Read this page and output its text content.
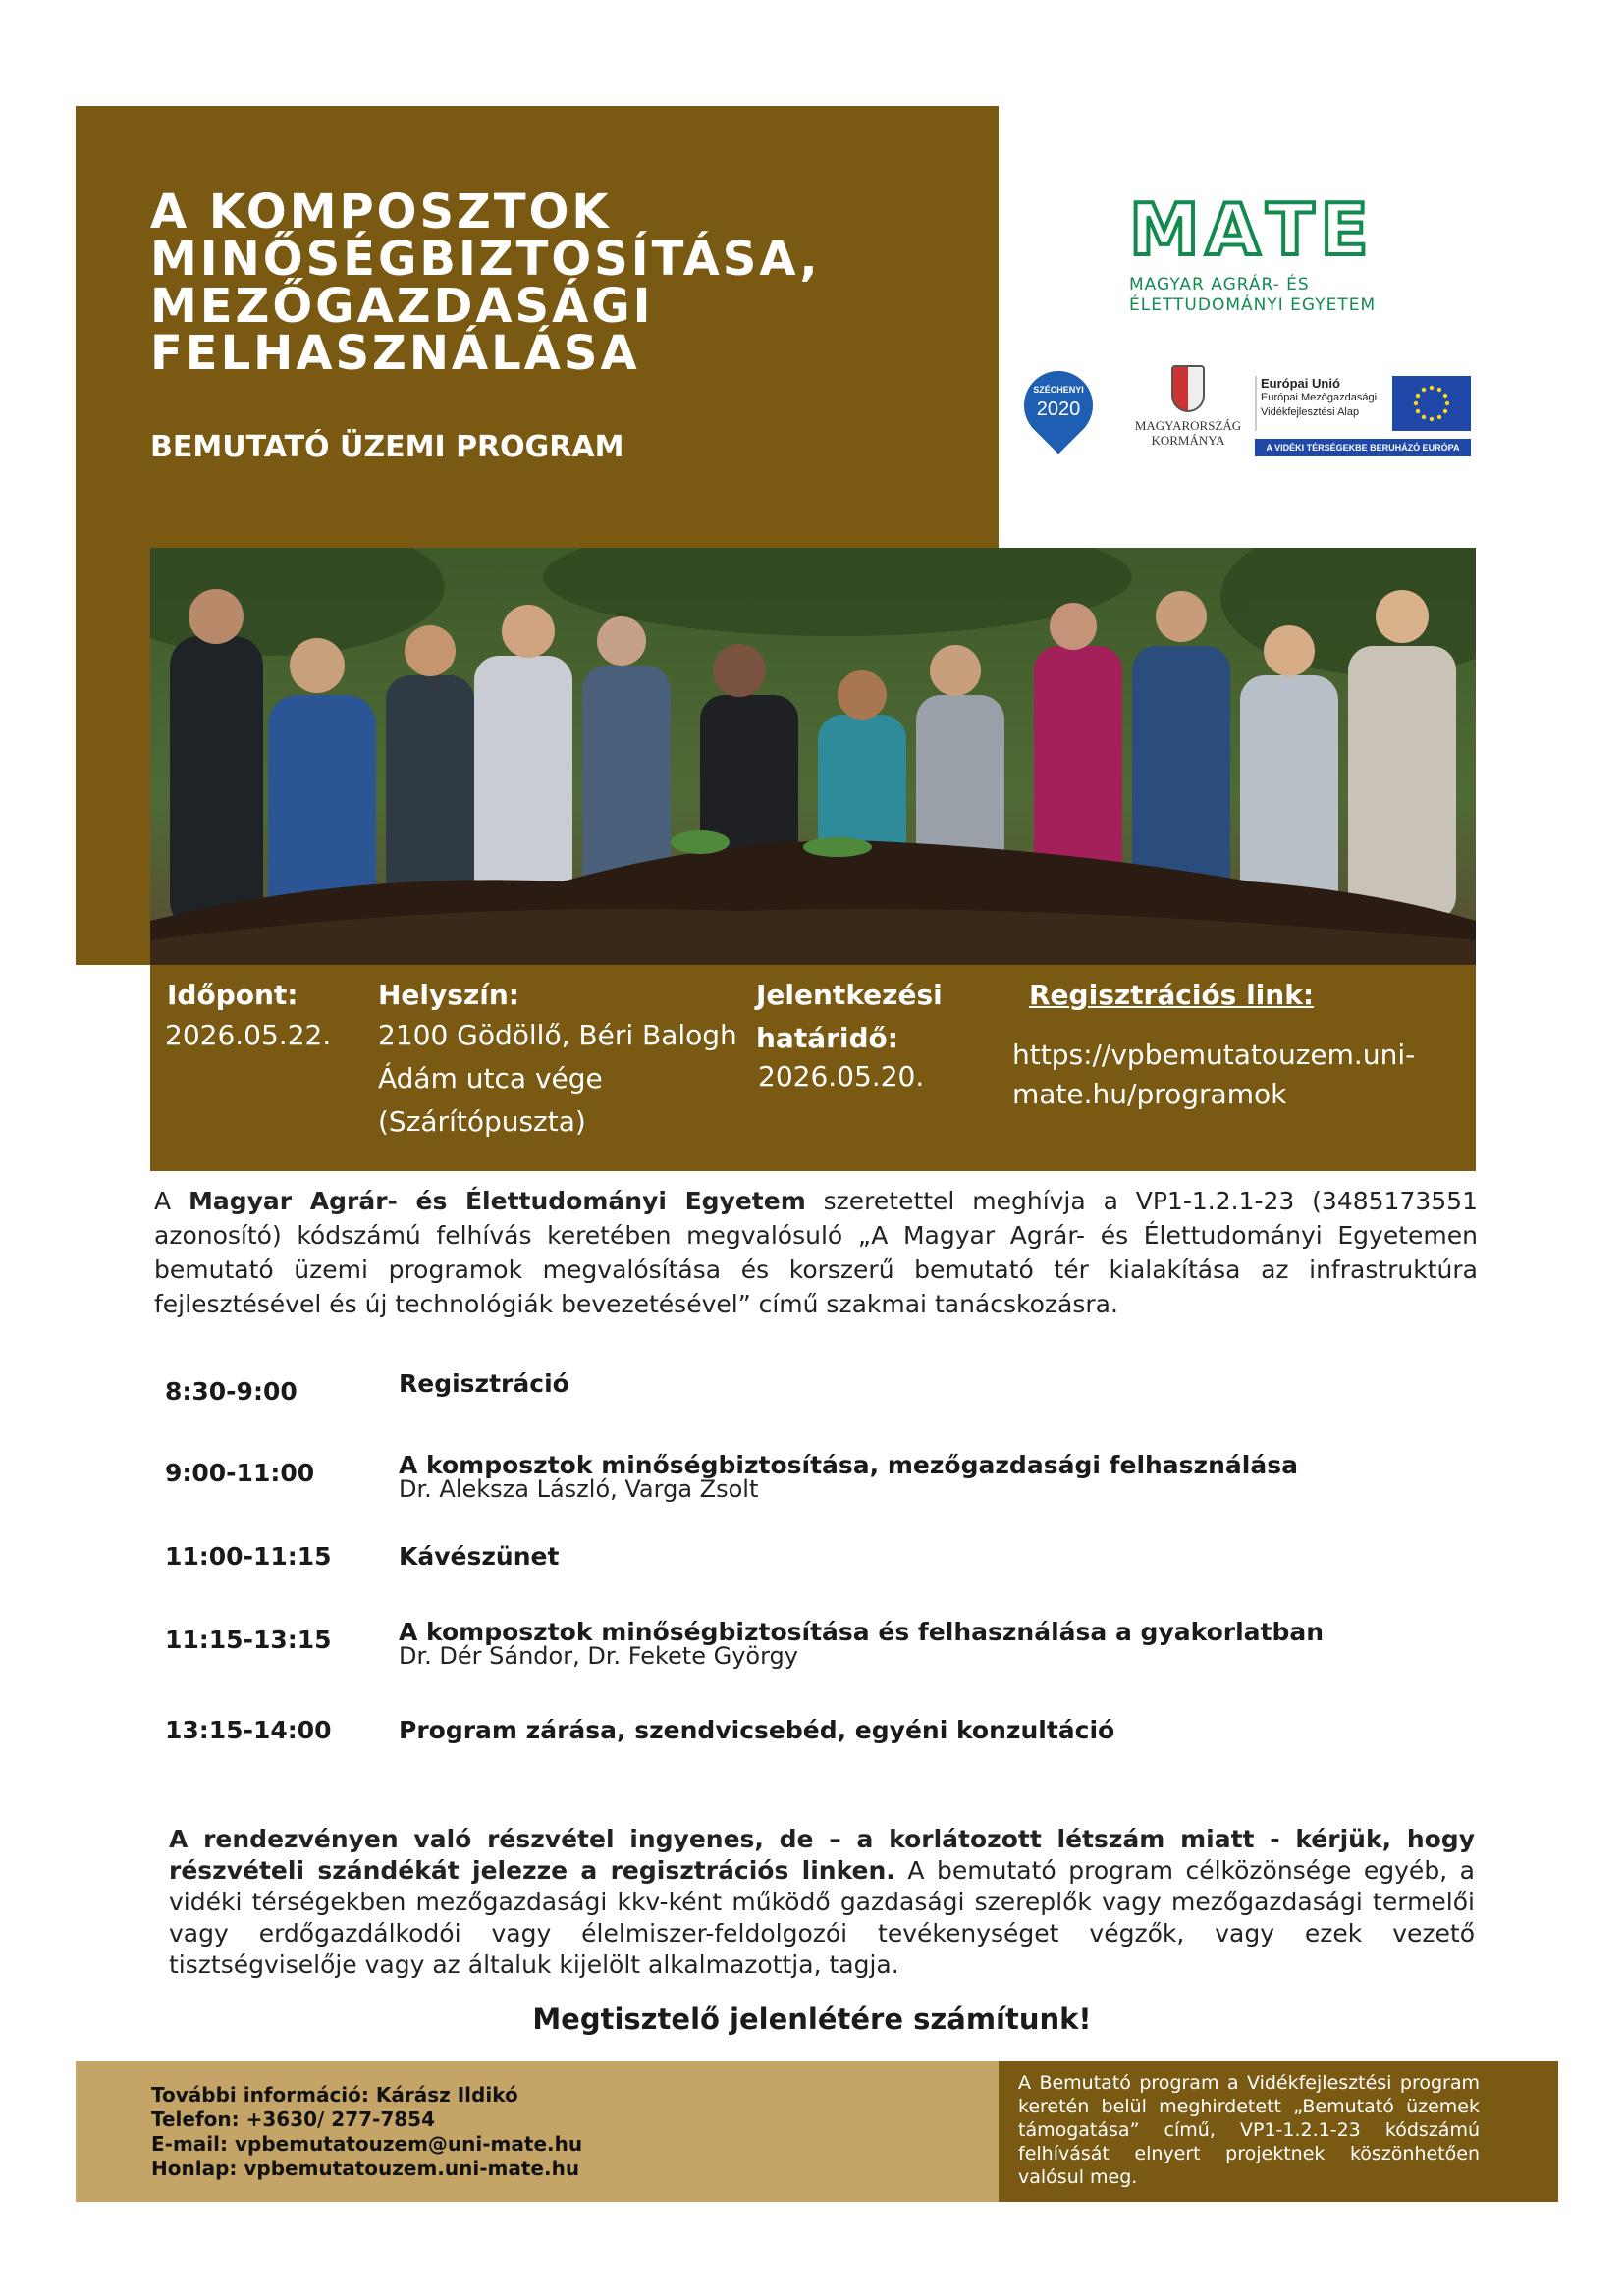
A KOMPOSZTOK
MINŐSÉGBIZTOSÍTÁSA,
MEZŐGAZDASÁGI
FELHASZNÁLÁSA
BEMUTATÓ ÜZEMI PROGRAM
M A T E
MAGYAR AGRÁR- ÉS
ÉLETTUDOMÁNYI EGYETEM
SZÉCHENYI
2020
MAGYARORSZÁG
KORMÁNYA
Európai Unió
Európai Mezőgazdasági
Vidékfejlesztési Alap
A VIDÉKI TÉRSÉGEKBE BERUHÁZÓ EURÓPA
Időpont:
2026.05.22.
Helyszín:
2100 Gödöllő, Béri Balogh
Ádám utca vége
(Szárítópuszta)
Jelentkezési
határidő:
2026.05.20.
Regisztrációs link:
https://vpbemutatouzem.uni-
mate.hu/programok
A Magyar Agrár- és Élettudományi Egyetem szeretettel meghívja a VP1-1.2.1-23 (3485173551 azonosító) kódszámú felhívás keretében megvalósuló „A Magyar Agrár- és Élettudományi Egyetemen bemutató üzemi programok megvalósítása és korszerű bemutató tér kialakítása az infrastruktúra fejlesztésével és új technológiák bevezetésével” című szakmai tanácskozásra.
8:30-9:00	Regisztráció
9:00-11:00	A komposztok minőségbiztosítása, mezőgazdasági felhasználása
Dr. Aleksza László, Varga Zsolt
11:00-11:15	Kávészünet
11:15-13:15	A komposztok minőségbiztosítása és felhasználása a gyakorlatban
Dr. Dér Sándor, Dr. Fekete György
13:15-14:00	Program zárása, szendvicsebéd, egyéni konzultáció
A rendezvényen való részvétel ingyenes, de – a korlátozott létszám miatt - kérjük, hogy részvételi szándékát jelezze a regisztrációs linken. A bemutató program célközönsége egyéb, a vidéki térségekben mezőgazdasági kkv-ként működő gazdasági szereplők vagy mezőgazdasági termelői vagy erdőgazdálkodói vagy élelmiszer-feldolgozói tevékenységet végzők, vagy ezek vezető tisztségviselője vagy az általuk kijelölt alkalmazottja, tagja.
Megtisztelő jelenlétére számítunk!
További információ: Kárász Ildikó
Telefon: +3630/ 277-7854
E-mail: vpbemutatouzem@uni-mate.hu
Honlap: vpbemutatouzem.uni-mate.hu
A Bemutató program a Vidékfejlesztési program keretén belül meghirdetett „Bemutató üzemek támogatása” című, VP1-1.2.1-23 kódszámú felhívását elnyert projektnek köszönhetően valósul meg.
